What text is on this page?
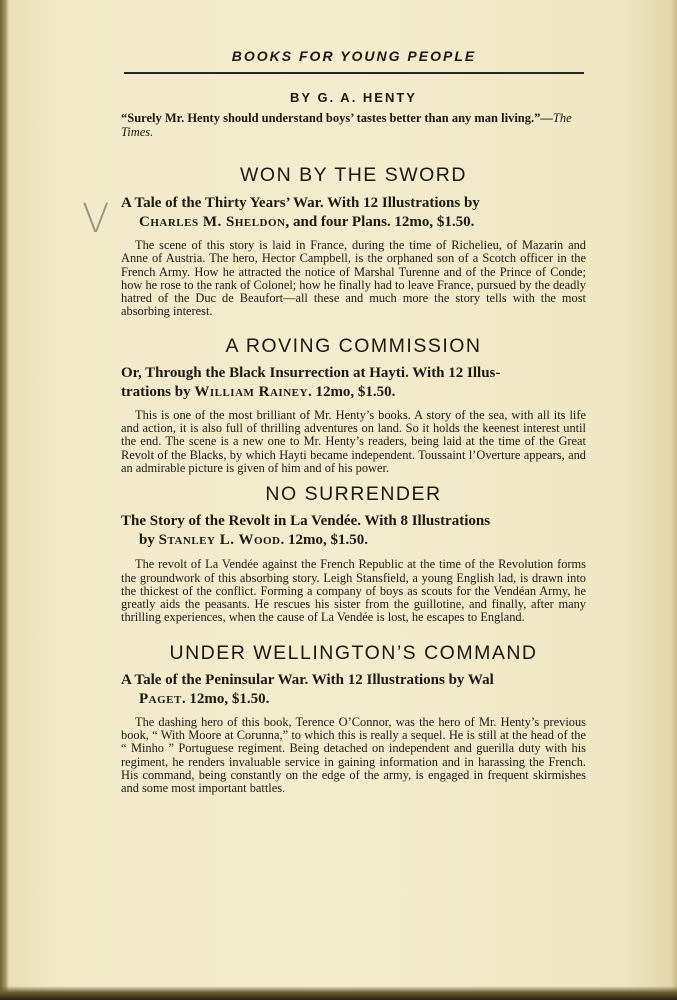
BOOKS FOR YOUNG PEOPLE
V
BY G. A. HENTY

“Surely Mr. Henty should understand boys’ tastes better than any man living.”—The Times.

WON BY THE SWORD

A Tale of the Thirty Years’ War. With 12 Illustrations by
Charles M. Sheldon, and four Plans. 12mo, $1.50.

The scene of this story is laid in France, during the time of Richelieu, of Mazarin and Anne of Austria. The hero, Hector Campbell, is the orphaned son of a Scotch officer in the French Army. How he attracted the notice of Marshal Turenne and of the Prince of Conde; how he rose to the rank of Colonel; how he finally had to leave France, pursued by the deadly hatred of the Duc de Beaufort—all these and much more the story tells with the most absorbing interest.

A ROVING COMMISSION

Or, Through the Black Insurrection at Hayti. With 12 Illus-
trations by William Rainey. 12mo, $1.50.

This is one of the most brilliant of Mr. Henty’s books. A story of the sea, with all its life and action, it is also full of thrilling adventures on land. So it holds the keenest interest until the end. The scene is a new one to Mr. Henty’s readers, being laid at the time of the Great Revolt of the Blacks, by which Hayti became independent. Toussaint l’Overture appears, and an admirable picture is given of him and of his power.

NO SURRENDER

The Story of the Revolt in La Vendée. With 8 Illustrations
by Stanley L. Wood. 12mo, $1.50.

The revolt of La Vendée against the French Republic at the time of the Revolution forms the groundwork of this absorbing story. Leigh Stansfield, a young English lad, is drawn into the thickest of the conflict. Forming a company of boys as scouts for the Vendéan Army, he greatly aids the peasants. He rescues his sister from the guillotine, and finally, after many thrilling experiences, when the cause of La Vendée is lost, he escapes to England.

UNDER WELLINGTON’S COMMAND

A Tale of the Peninsular War. With 12 Illustrations by Wal
Paget. 12mo, $1.50.

The dashing hero of this book, Terence O’Connor, was the hero of Mr. Henty’s previous book, “ With Moore at Corunna,” to which this is really a sequel. He is still at the head of the “ Minho ” Portuguese regiment. Being detached on independent and guerilla duty with his regiment, he renders invaluable service in gaining information and in harassing the French. His command, being constantly on the edge of the army, is engaged in frequent skirmishes and some most important battles.
